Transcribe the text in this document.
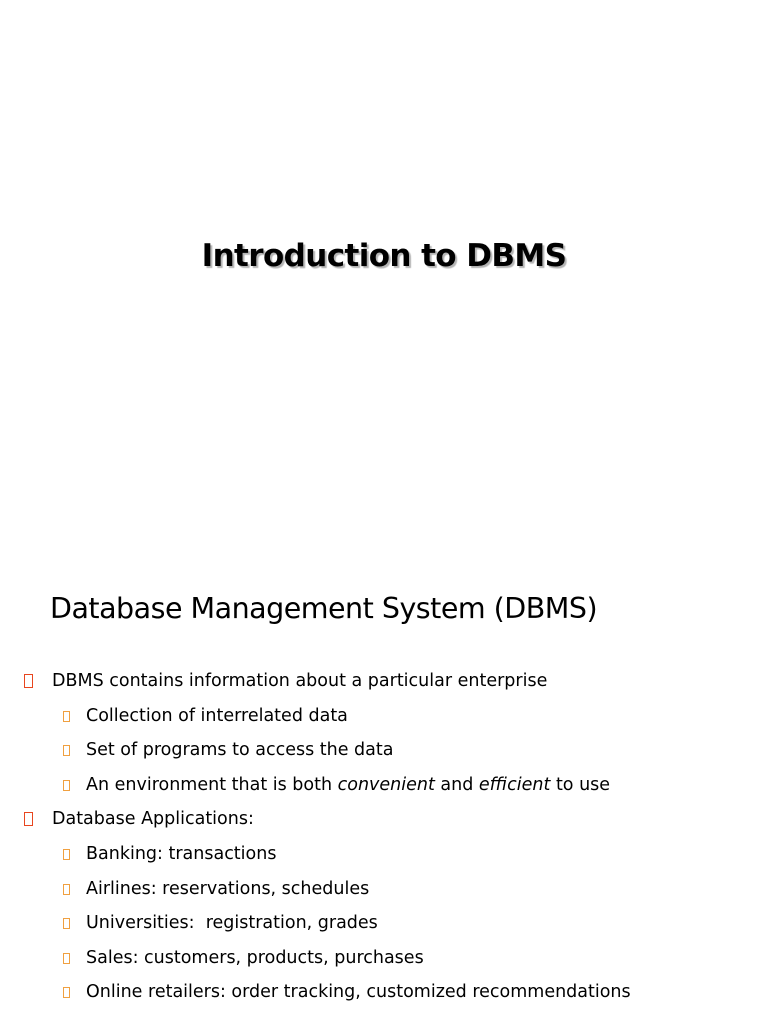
Introduction to DBMS
Database Management System (DBMS)
DBMS contains information about a particular enterprise
Collection of interrelated data
Set of programs to access the data
An environment that is both convenient and efficient to use
Database Applications:
Banking: transactions
Airlines: reservations, schedules
Universities:  registration, grades
Sales: customers, products, purchases
Online retailers: order tracking, customized recommendations
